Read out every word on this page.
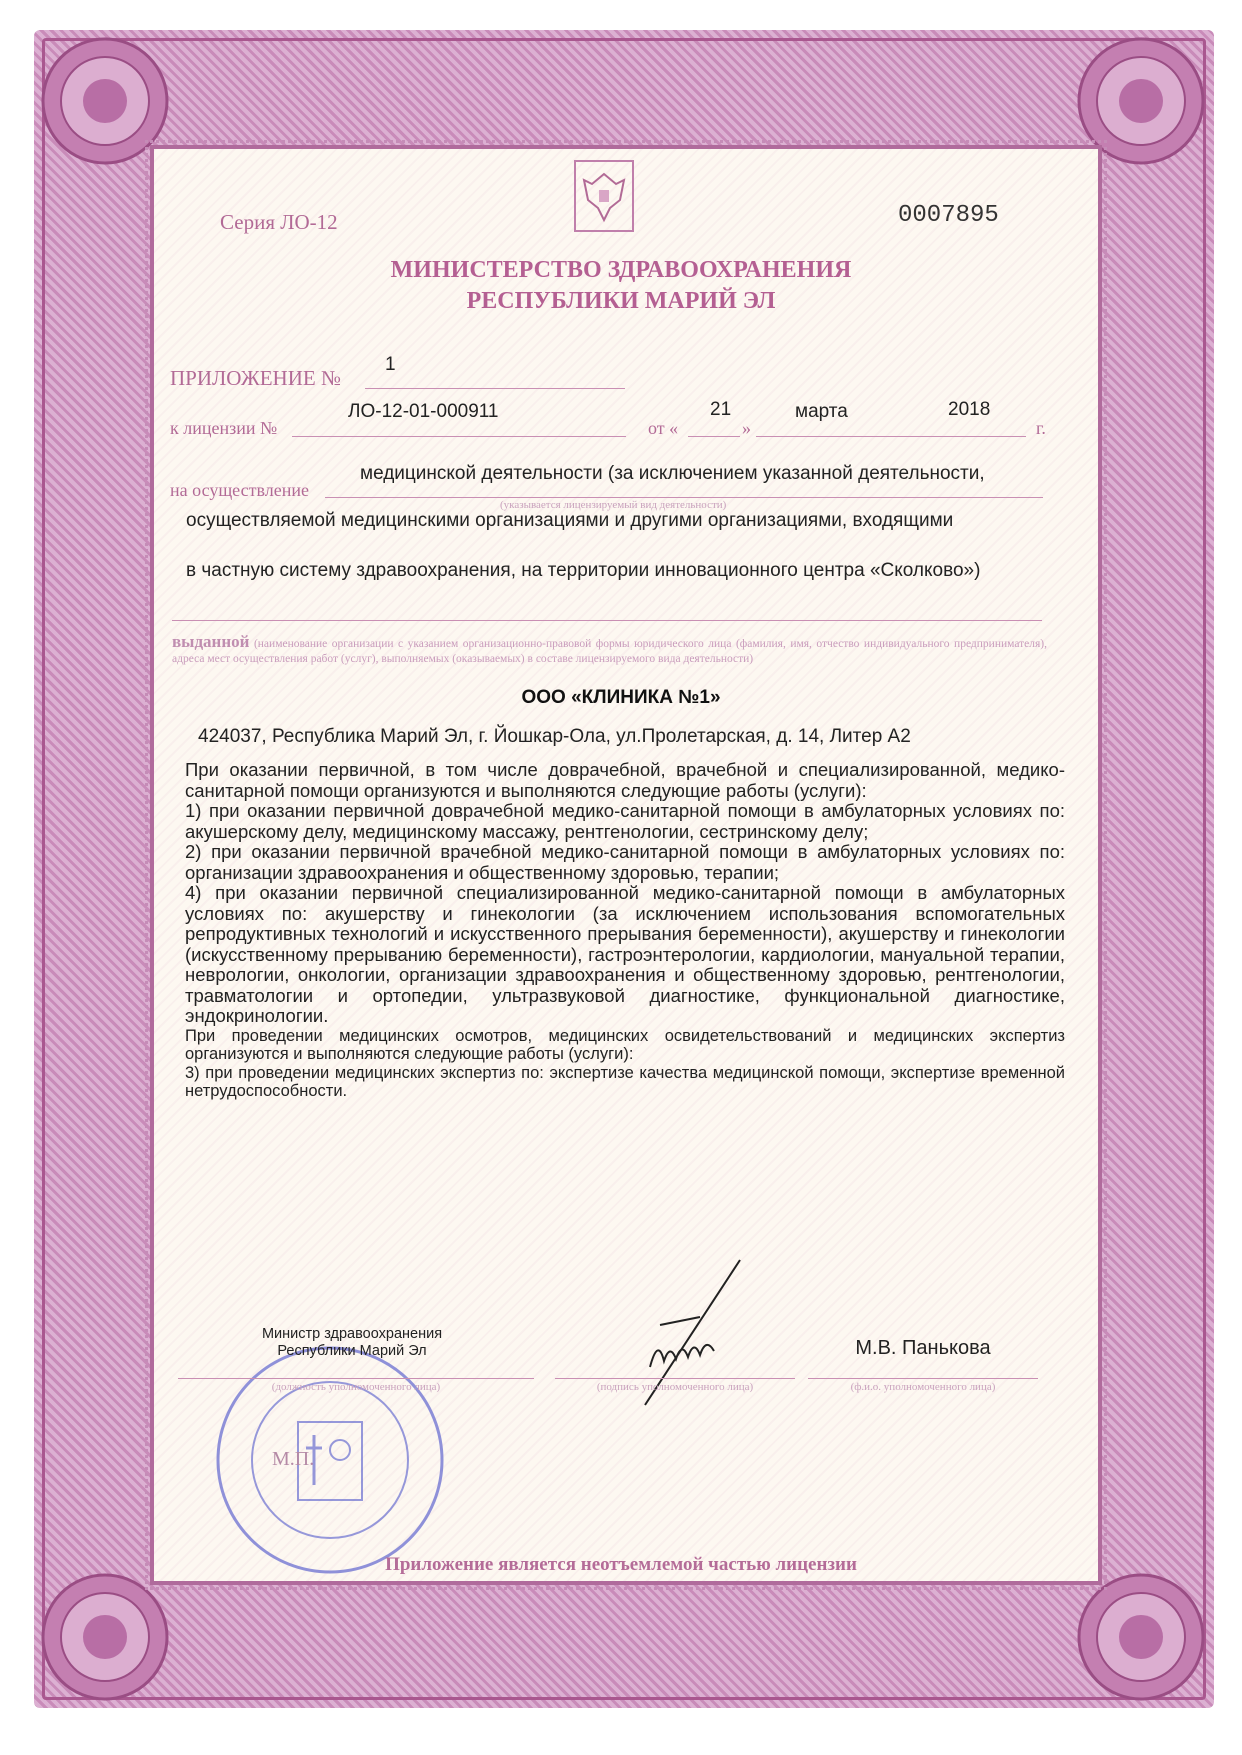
Серия ЛО-12	0007895
МИНИСТЕРСТВО ЗДРАВООХРАНЕНИЯ
РЕСПУБЛИКИ МАРИЙ ЭЛ
ПРИЛОЖЕНИЕ №
1
к лицензии №
ЛО-12-01-000911
от «	»
21	марта	2018
г.
на осуществление
(указывается лицензируемый вид деятельности)
медицинской деятельности (за исключением указанной деятельности,
осуществляемой медицинскими организациями и другими организациями, входящими
в частную систему здравоохранения, на территории инновационного центра «Сколково»)
выданной (наименование организации с указанием организационно-правовой формы юридического лица (фамилия, имя, отчество индивидуального предпринимателя), адреса мест осуществления работ (услуг), выполняемых (оказываемых) в составе лицензируемого вида деятельности)
ООО «КЛИНИКА №1»
424037, Республика Марий Эл, г. Йошкар-Ола, ул.Пролетарская, д. 14, Литер А2

При оказании первичной, в том числе доврачебной, врачебной и специализированной, медико-санитарной помощи организуются и выполняются следующие работы (услуги):

1) при оказании первичной доврачебной медико-санитарной помощи в амбулаторных условиях по: акушерскому делу, медицинскому массажу, рентгенологии, сестринскому делу;

2) при оказании первичной врачебной медико-санитарной помощи в амбулаторных условиях по: организации здравоохранения и общественному здоровью, терапии;

4) при оказании первичной специализированной медико-санитарной помощи в амбулаторных условиях по: акушерству и гинекологии (за исключением использования вспомогательных репродуктивных технологий и искусственного прерывания беременности), акушерству и гинекологии (искусственному прерыванию беременности), гастроэнтерологии, кардиологии, мануальной терапии, неврологии, онкологии, организации здравоохранения и общественному здоровью, рентгенологии, травматологии и ортопедии, ультразвуковой диагностике, функциональной диагностике, эндокринологии.

При проведении медицинских осмотров, медицинских освидетельствований и медицинских экспертиз организуются и выполняются следующие работы (услуги):

3) при проведении медицинских экспертиз по: экспертизе качества медицинской помощи, экспертизе временной нетрудоспособности.

М.П.
Министр здравоохранения
Республики Марий Эл
(должность уполномоченного лица)	(подпись уполномоченного лица)
М.В. Панькова
(ф.и.о. уполномоченного лица)
Приложение является неотъемлемой частью лицензии
